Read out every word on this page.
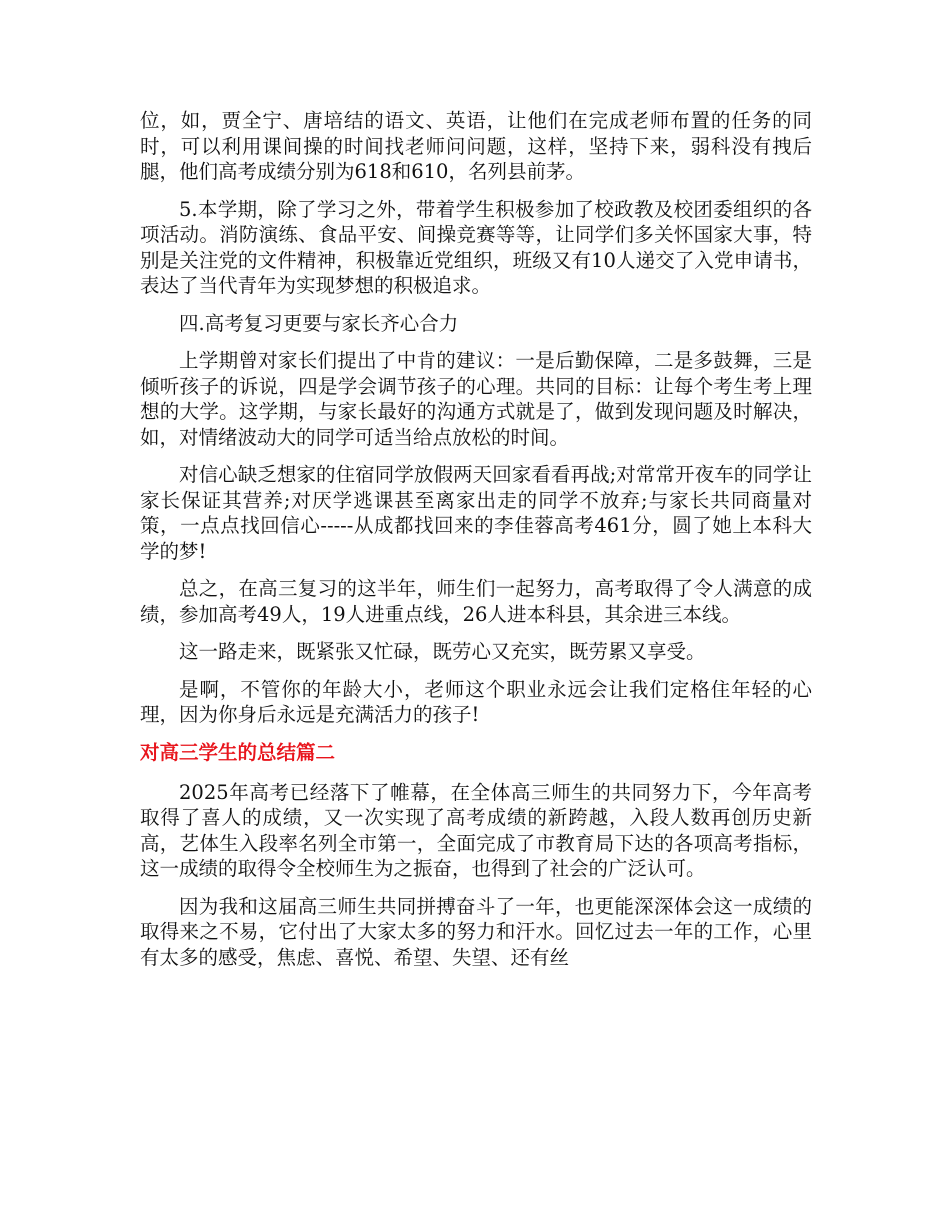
位，如，贾全宁、唐培结的语文、英语，让他们在完成老师布置的任务的同时，可以利用课间操的时间找老师问问题，这样，坚持下来，弱科没有拽后腿，他们高考成绩分别为618和610，名列县前茅。

5.本学期，除了学习之外，带着学生积极参加了校政教及校团委组织的各项活动。消防演练、食品平安、间操竞赛等等，让同学们多关怀国家大事，特别是关注党的文件精神，积极靠近党组织，班级又有10人递交了入党申请书，表达了当代青年为实现梦想的积极追求。

四.高考复习更要与家长齐心合力

上学期曾对家长们提出了中肯的建议：一是后勤保障，二是多鼓舞，三是倾听孩子的诉说，四是学会调节孩子的心理。共同的目标：让每个考生考上理想的大学。这学期，与家长最好的沟通方式就是了，做到发现问题及时解决，如，对情绪波动大的同学可适当给点放松的时间。

对信心缺乏想家的住宿同学放假两天回家看看再战;对常常开夜车的同学让家长保证其营养;对厌学逃课甚至离家出走的同学不放弃;与家长共同商量对策，一点点找回信心-----从成都找回来的李佳蓉高考461分，圆了她上本科大学的梦!

总之，在高三复习的这半年，师生们一起努力，高考取得了令人满意的成绩，参加高考49人，19人进重点线，26人进本科县，其余进三本线。

这一路走来，既紧张又忙碌，既劳心又充实，既劳累又享受。

是啊，不管你的年龄大小，老师这个职业永远会让我们定格住年轻的心理，因为你身后永远是充满活力的孩子!

对高三学生的总结篇二

2025年高考已经落下了帷幕，在全体高三师生的共同努力下，今年高考取得了喜人的成绩，又一次实现了高考成绩的新跨越，入段人数再创历史新高，艺体生入段率名列全市第一，全面完成了市教育局下达的各项高考指标，这一成绩的取得令全校师生为之振奋，也得到了社会的广泛认可。

因为我和这届高三师生共同拼搏奋斗了一年，也更能深深体会这一成绩的取得来之不易，它付出了大家太多的努力和汗水。回忆过去一年的工作，心里有太多的感受，焦虑、喜悦、希望、失望、还有丝
